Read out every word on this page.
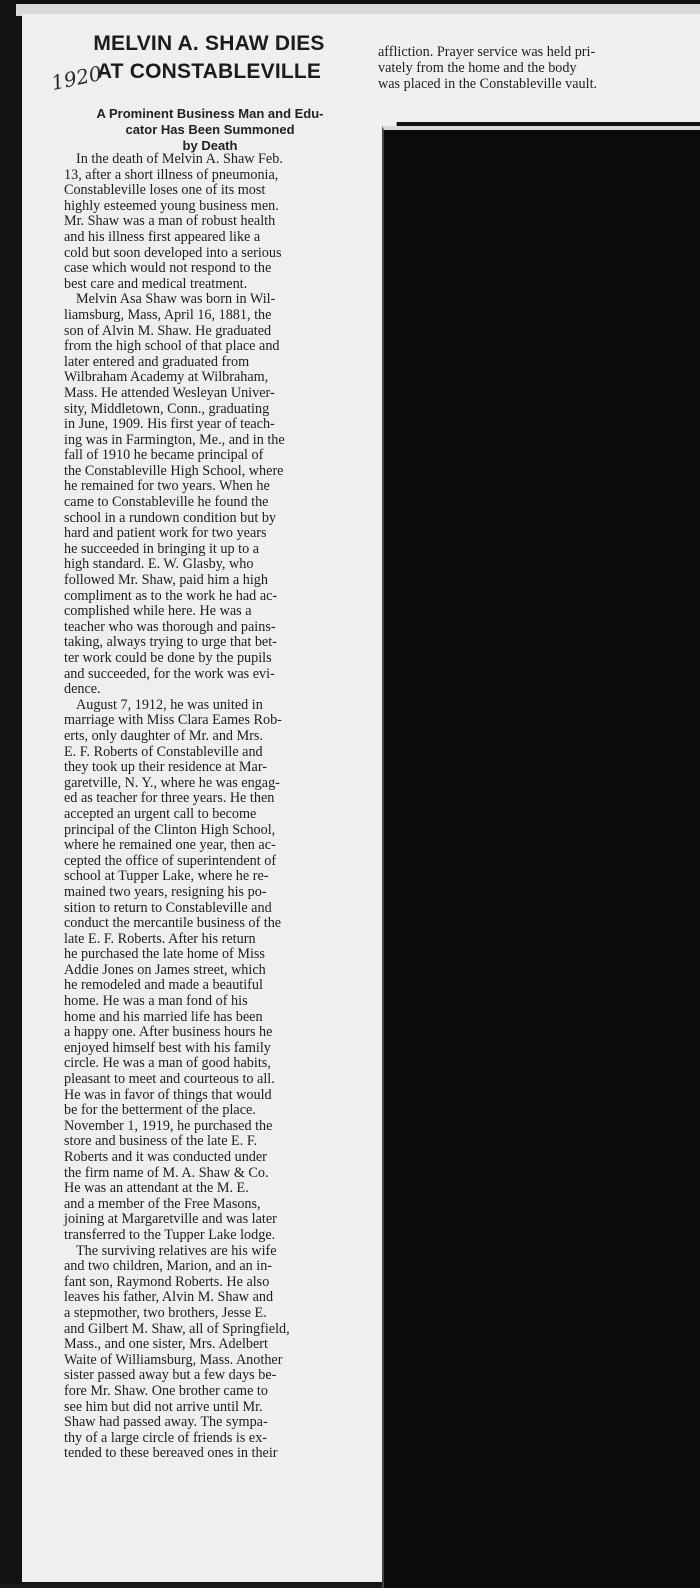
MELVIN A. SHAW DIES
AT CONSTABLEVILLE
1920
A Prominent Business Man and Edu-
cator Has Been Summoned
by Death
In the death of Melvin A. Shaw Feb.
13, after a short illness of pneumonia,
Constableville loses one of its most
highly esteemed young business men.
Mr. Shaw was a man of robust health
and his illness first appeared like a
cold but soon developed into a serious
case which would not respond to the
best care and medical treatment.
Melvin Asa Shaw was born in Wil-
liamsburg, Mass, April 16, 1881, the
son of Alvin M. Shaw. He graduated
from the high school of that place and
later entered and graduated from
Wilbraham Academy at Wilbraham,
Mass. He attended Wesleyan Univer-
sity, Middletown, Conn., graduating
in June, 1909. His first year of teach-
ing was in Farmington, Me., and in the
fall of 1910 he became principal of
the Constableville High School, where
he remained for two years. When he
came to Constableville he found the
school in a rundown condition but by
hard and patient work for two years
he succeeded in bringing it up to a
high standard. E. W. Glasby, who
followed Mr. Shaw, paid him a high
compliment as to the work he had ac-
complished while here. He was a
teacher who was thorough and pains-
taking, always trying to urge that bet-
ter work could be done by the pupils
and succeeded, for the work was evi-
dence.
August 7, 1912, he was united in
marriage with Miss Clara Eames Rob-
erts, only daughter of Mr. and Mrs.
E. F. Roberts of Constableville and
they took up their residence at Mar-
garetville, N. Y., where he was engag-
ed as teacher for three years. He then
accepted an urgent call to become
principal of the Clinton High School,
where he remained one year, then ac-
cepted the office of superintendent of
school at Tupper Lake, where he re-
mained two years, resigning his po-
sition to return to Constableville and
conduct the mercantile business of the
late E. F. Roberts. After his return
he purchased the late home of Miss
Addie Jones on James street, which
he remodeled and made a beautiful
home. He was a man fond of his
home and his married life has been
a happy one. After business hours he
enjoyed himself best with his family
circle. He was a man of good habits,
pleasant to meet and courteous to all.
He was in favor of things that would
be for the betterment of the place.
November 1, 1919, he purchased the
store and business of the late E. F.
Roberts and it was conducted under
the firm name of M. A. Shaw & Co.
He was an attendant at the M. E.
and a member of the Free Masons,
joining at Margaretville and was later
transferred to the Tupper Lake lodge.
The surviving relatives are his wife
and two children, Marion, and an in-
fant son, Raymond Roberts. He also
leaves his father, Alvin M. Shaw and
a stepmother, two brothers, Jesse E.
and Gilbert M. Shaw, all of Springfield,
Mass., and one sister, Mrs. Adelbert
Waite of Williamsburg, Mass. Another
sister passed away but a few days be-
fore Mr. Shaw. One brother came to
see him but did not arrive until Mr.
Shaw had passed away. The sympa-
thy of a large circle of friends is ex-
tended to these bereaved ones in their
affliction. Prayer service was held pri-
vately from the home and the body
was placed in the Constableville vault.
